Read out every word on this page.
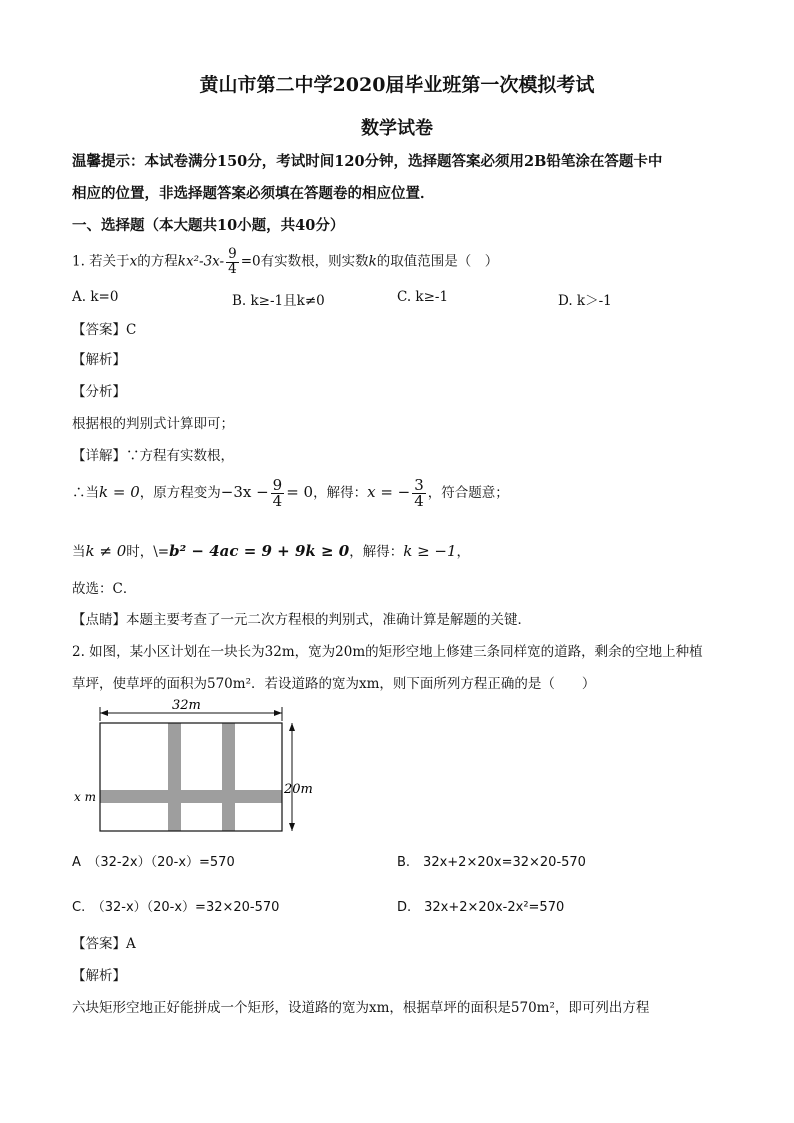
黄山市第二中学2020届毕业班第一次模拟考试
数学试卷
温馨提示：本试卷满分150分，考试时间120分钟，选择题答案必须用2B铅笔涂在答题卡中
相应的位置，非选择题答案必须填在答题卷的相应位置．
一、选择题（本大题共10小题，共40分）
1. 若关于x的方程$kx^2-3x- \frac{9}{4} =0$有实数根，则实数k的取值范围是（　）
A. k=0	B. k≥-1且k≠0	C. k≥-1	D. k＞-1
【答案】C
【解析】
【分析】
根据根的判别式计算即可；
【详解】∵方程有实数根，
∴当k = 0，原方程变为$-3x - \frac{9}{4} = 0$，解得：x = − $\frac{3}{4}$ ，符合题意；
当k ≠ 0时，\=b² − 4ac = 9 + 9k ≥ 0，解得：k ≥ −1，
故选：C．
【点睛】本题主要考查了一元二次方程根的判别式，准确计算是解题的关键．
2. 如图，某小区计划在一块长为32m，宽为20m的矩形空地上修建三条同样宽的道路，剩余的空地上种植
草坪，使草坪的面积为570m²．若设道路的宽为xm，则下面所列方程正确的是（　　）
32m
20m
x m
A　（32-2x）（20-x）=570	B.　32x+2×20x=32×20-570
C.　（32-x）（20-x）=32×20-570	D.　32x+2×20x-2x²=570
【答案】A
【解析】
六块矩形空地正好能拼成一个矩形，设道路的宽为xm，根据草坪的面积是570m²，即可列出方程
